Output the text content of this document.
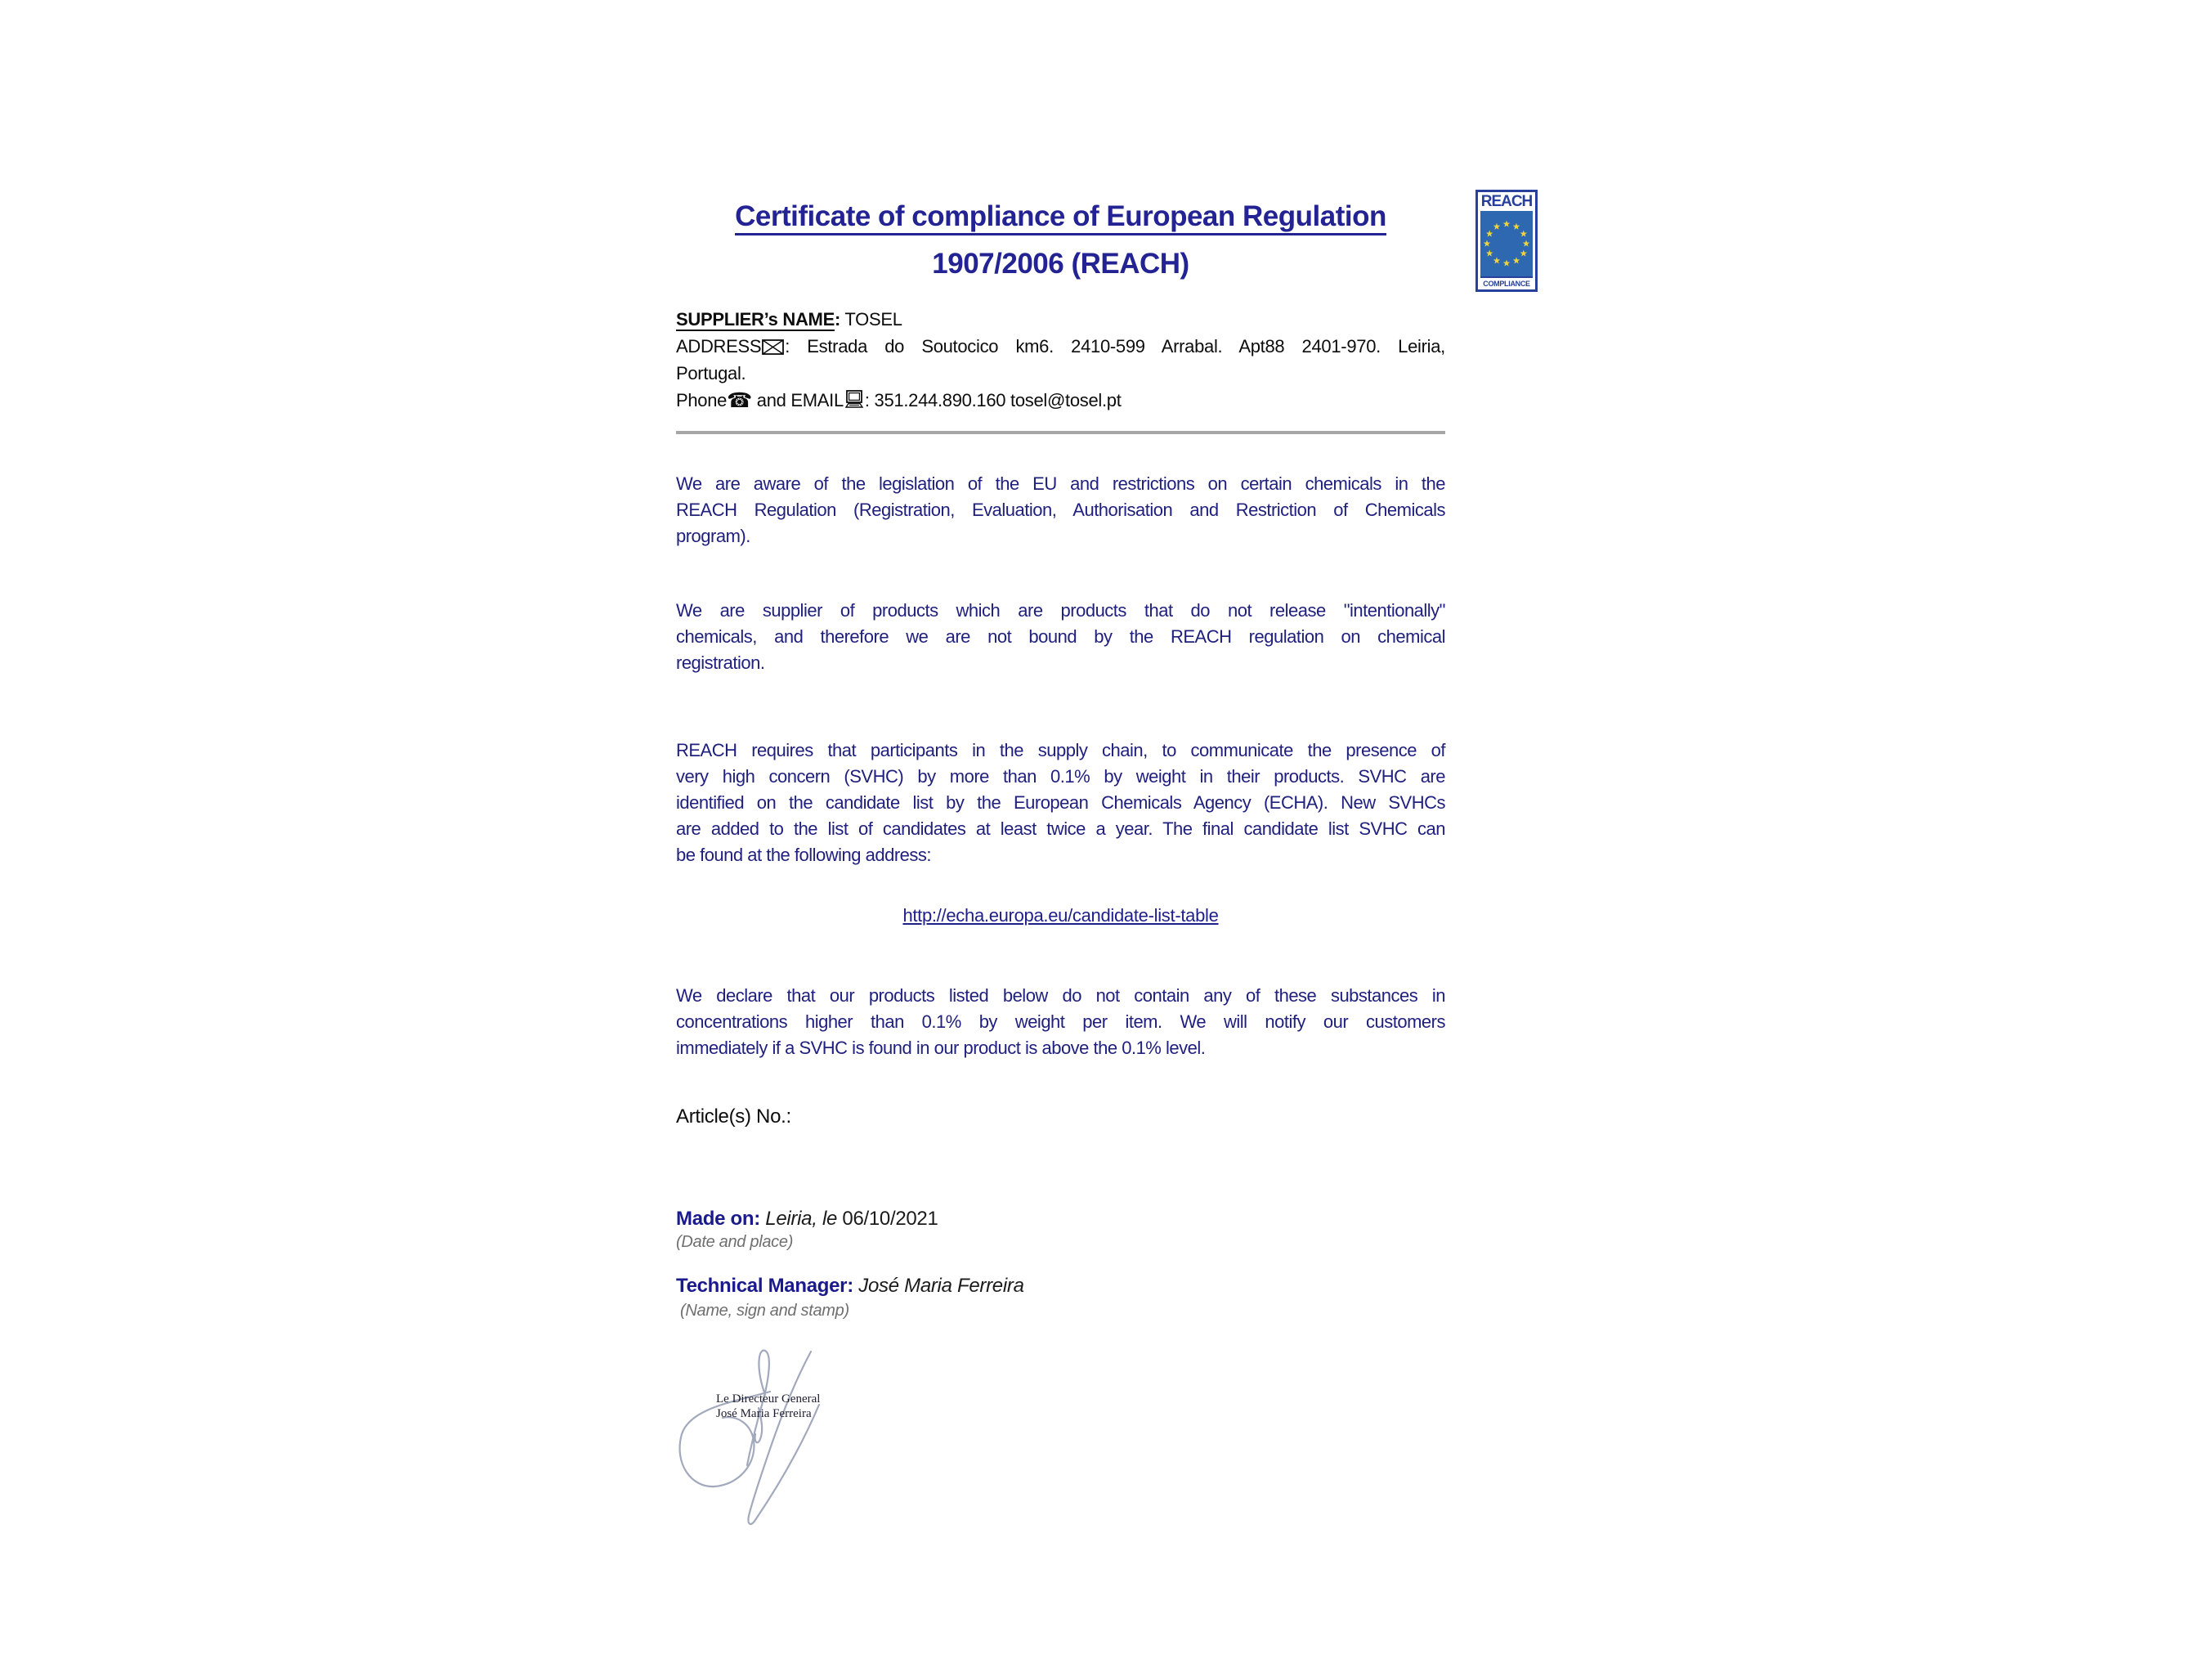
Certificate of compliance of European Regulation
1907/2006 (REACH)
SUPPLIER’s NAME: TOSEL
ADDRESS : Estrada do Soutocico km6. 2410-599 Arrabal. Apt88 2401-970. Leiria,
Portugal.
Phone☎ and EMAIL : 351.244.890.160 tosel@tosel.pt
We are aware of the legislation of the EU and restrictions on certain chemicals in the
REACH Regulation (Registration, Evaluation, Authorisation and Restriction of Chemicals
program).
We are supplier of products which are products that do not release "intentionally"
chemicals, and therefore we are not bound by the REACH regulation on chemical
registration.
REACH requires that participants in the supply chain, to communicate the presence of
very high concern (SVHC) by more than 0.1% by weight in their products. SVHC are
identified on the candidate list by the European Chemicals Agency (ECHA). New SVHCs
are added to the list of candidates at least twice a year. The final candidate list SVHC can
be found at the following address:
http://echa.europa.eu/candidate-list-table
We declare that our products listed below do not contain any of these substances in
concentrations higher than 0.1% by weight per item. We will notify our customers
immediately if a SVHC is found in our product is above the 0.1% level.
Article(s) No.:
Made on: Leiria, le 06/10/2021
(Date and place)
Technical Manager: José Maria Ferreira
(Name, sign and stamp)
REACH
COMPLIANCE
Le Directeur General
José Maria Ferreira
